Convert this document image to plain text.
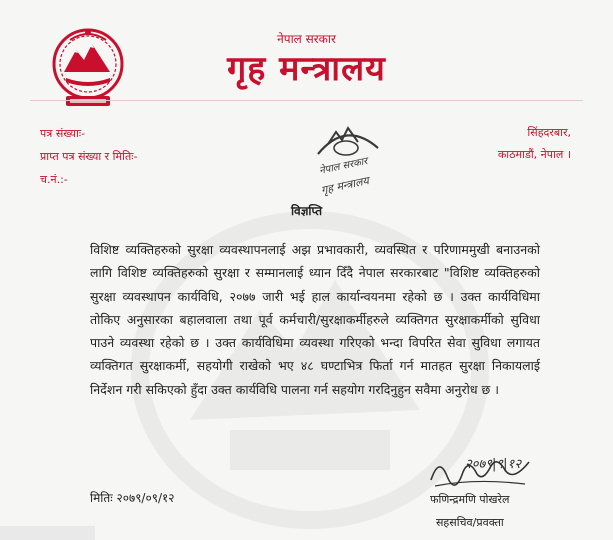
नेपाल सरकार
गृह मन्त्रालय
पत्र संख्याः-
प्राप्त पत्र संख्या र मितिः-
च.नं.:-
सिंहदरबार,
काठमाडौं, नेपाल ।
नेपाल सरकार
गृह मन्त्रालय
विज्ञप्ति
विशिष्ट व्यक्तिहरुको सुरक्षा व्यवस्थापनलाई अझ प्रभावकारी, व्यवस्थित र परिणाममुखी बनाउनको लागि विशिष्ट व्यक्तिहरुको सुरक्षा र सम्मानलाई ध्यान दिँदै नेपाल सरकारबाट "विशिष्ट व्यक्तिहरुको सुरक्षा व्यवस्थापन कार्यविधि, २०७७ जारी भई हाल कार्यान्वयनमा रहेको छ । उक्त कार्यविधिमा तोकिए अनुसारका बहालवाला तथा पूर्व कर्मचारी/सुरक्षाकर्मीहरुले व्यक्तिगत सुरक्षाकर्मीको सुविधा पाउने व्यवस्था रहेको छ । उक्त कार्यविधिमा व्यवस्था गरिएको भन्दा विपरित सेवा सुविधा लगायत व्यक्तिगत सुरक्षाकर्मी, सहयोगी राखेको भए ४८ घण्टाभित्र फिर्ता गर्न मातहत सुरक्षा निकायलाई निर्देशन गरी सकिएको हुँदा उक्त कार्यविधि पालना गर्न सहयोग गरदिनुहुन सवैमा अनुरोध छ ।
मितिः २०७९/०९/१२
२०७९|९|१२
फणिन्द्रमणि पोखरेल
सहसचिव/प्रवक्ता
